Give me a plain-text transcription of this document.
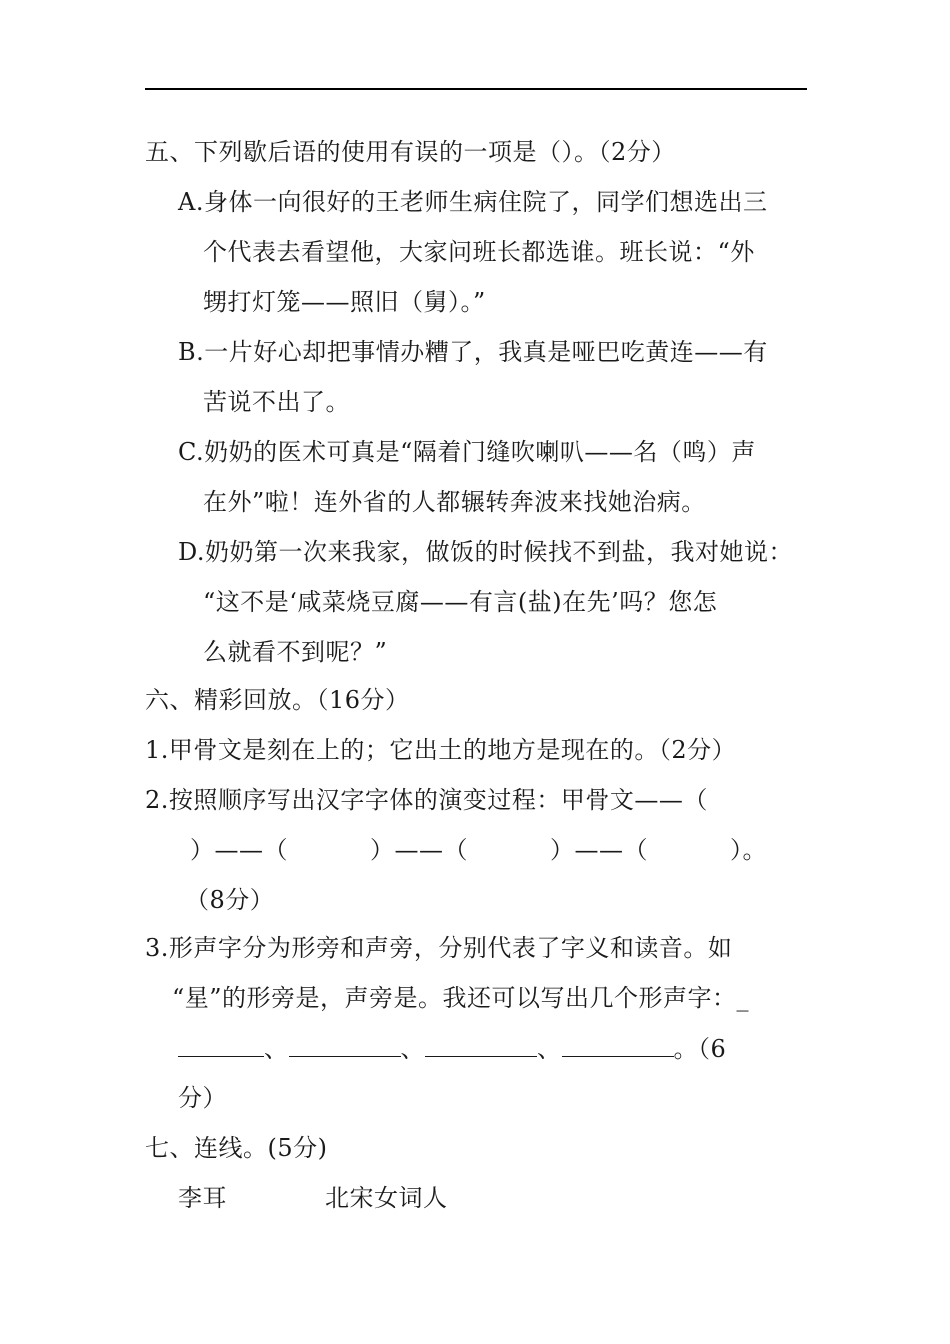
五、下列歇后语的使用有误的一项是（）。（2分）
A.身体一向很好的王老师生病住院了，同学们想选出三
个代表去看望他，大家问班长都选谁。班长说：“外
甥打灯笼——照旧（舅）。”
B.一片好心却把事情办糟了，我真是哑巴吃黄连——有
苦说不出了。
C.奶奶的医术可真是“隔着门缝吹喇叭——名（鸣）声
在外”啦！连外省的人都辗转奔波来找她治病。
D.奶奶第一次来我家，做饭的时候找不到盐，我对她说：
“这不是‘咸菜烧豆腐——有言(盐)在先’吗？您怎
么就看不到呢？”
六、精彩回放。（16分）
1.甲骨文是刻在上的；它出土的地方是现在的。（2分）
2.按照顺序写出汉字字体的演变过程：甲骨文——（
）——（	）——（	）——（	）。
（8分）
3.形声字分为形旁和声旁，分别代表了字义和读音。如
“星”的形旁是，声旁是。我还可以写出几个形声字：_
、	、	、	。（6
分）
七、连线。(5分)
李耳	北宋女词人
